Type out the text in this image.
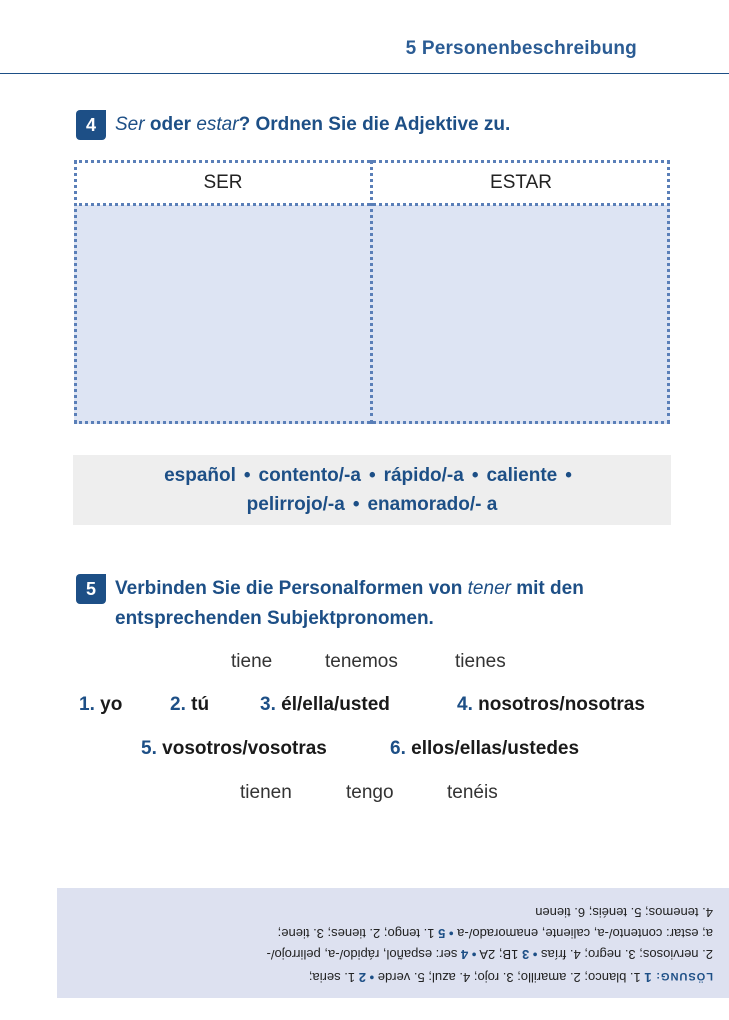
5 Personenbeschreibung
4 Ser oder estar? Ordnen Sie die Adjektive zu.
SER	ESTAR
español • contento/-a • rápido/-a • caliente •
pelirrojo/-a • enamorado/- a
5 Verbinden Sie die Personalformen von tener mit den
entsprechenden Subjektpronomen.
tiene	tenemos	tienes
1. yo	2. tú	3. él/ella/usted	4. nosotros/nosotras
5. vosotros/vosotras	6. ellos/ellas/ustedes
tienen	tengo	tenéis
LÖSUNG: 1 1. blanco; 2. amarillo; 3. rojo; 4. azul; 5. verde • 2 1. seria;
2. nerviosos; 3. negro; 4. frías • 3 1B; 2A • 4 ser: español, rápido/-a, pelirrojo/-
a; estar: contento/-a, caliente, enamorado/-a • 5 1. tengo; 2. tienes; 3. tiene;
4. tenemos; 5. tenéis; 6. tienen
